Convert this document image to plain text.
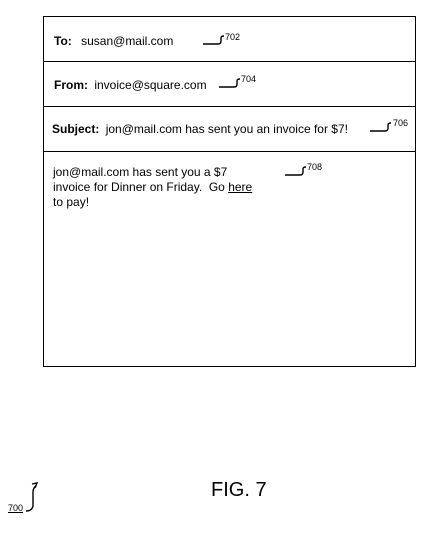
To: susan@mail.com	702
From: invoice@square.com	704
Subject: jon@mail.com has sent you an invoice for $7!	706
jon@mail.com has sent you a $7
invoice for Dinner on Friday.  Go here
to pay!
708
FIG. 7
700
